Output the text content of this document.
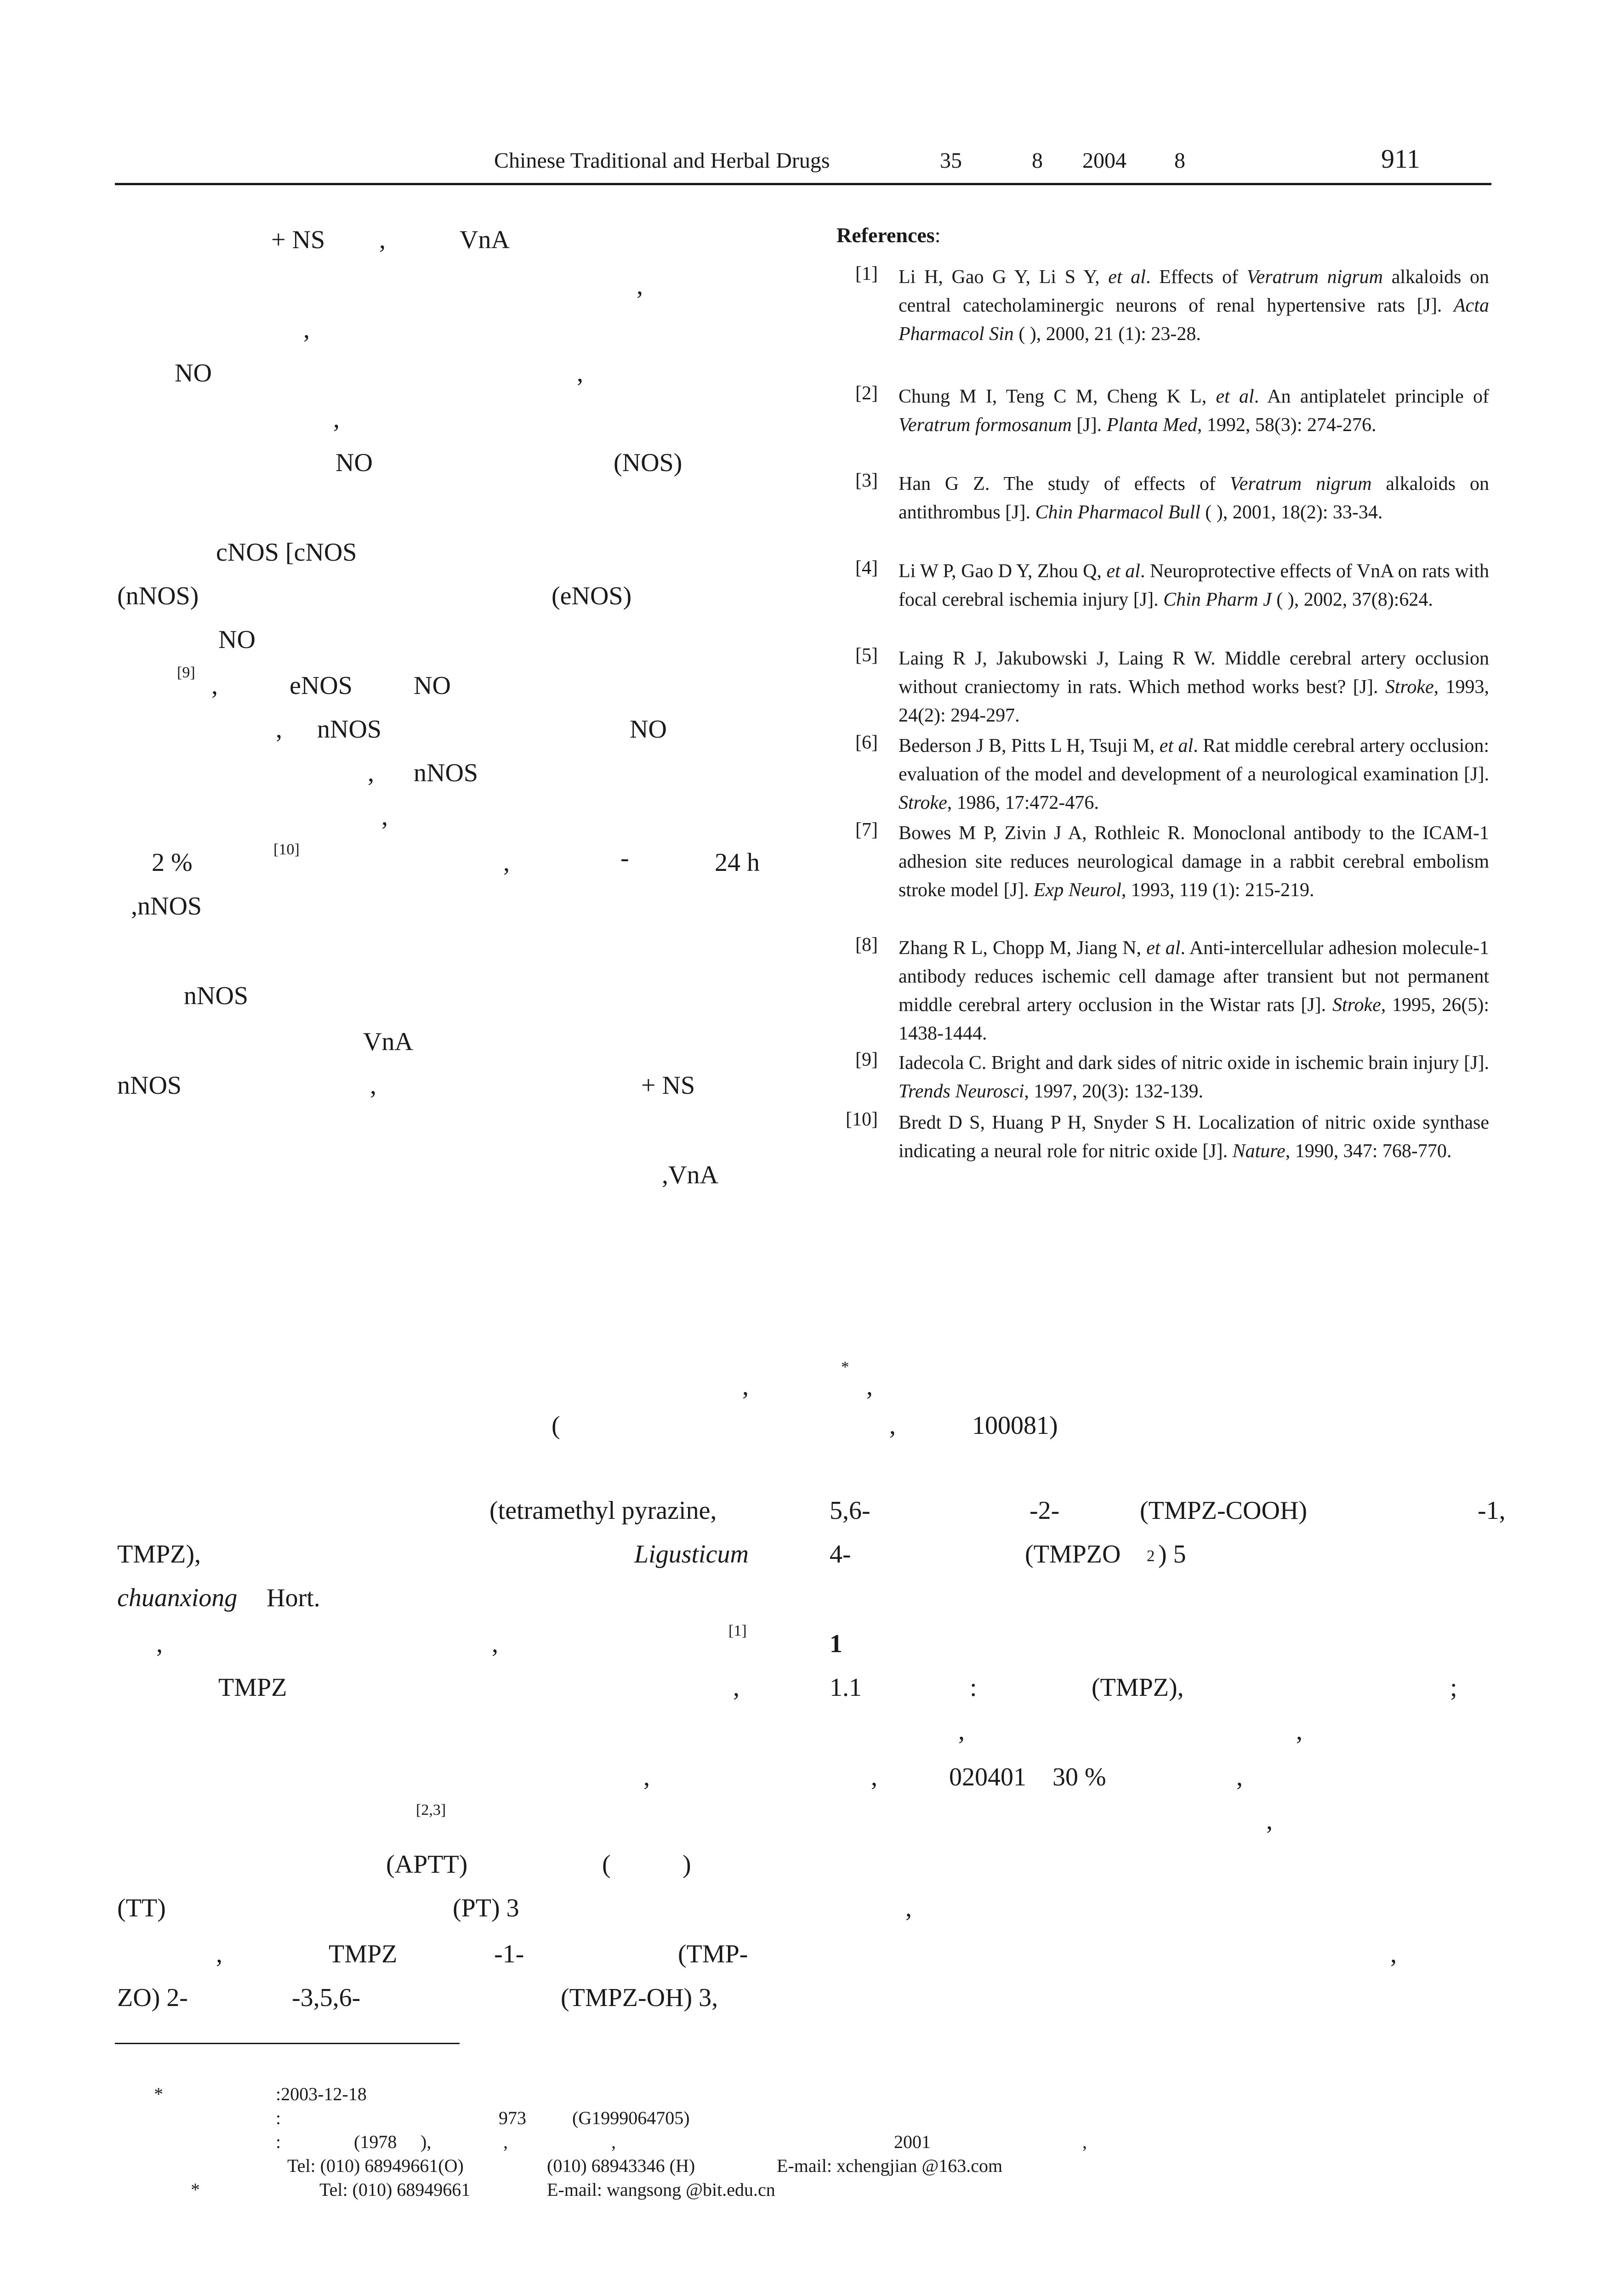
Chinese Traditional and Herbal Drugs	35	8 2004 8	911
+ NS ,	VnA
,
,
NO	,
,
NO	(NOS)
cNOS [cNOS
(nNOS)	(eNOS)
NO
,	eNOS NO
, nNOS	NO
, nNOS
,
2 %	,	-	24 h
,nNOS
nNOS
VnA
nNOS	,	+ NS
,VnA
[9]
[10]
References:
[1] Li H, Gao G Y, Li S Y, et al. Effects of Veratrum nigrum alkaloids on central catecholaminergic neurons of renal hypertensive rats [J]. Acta Pharmacol Sin ( ), 2000, 21 (1): 23-28.
[2] Chung M I, Teng C M, Cheng K L, et al. An antiplatelet principle of Veratrum formosanum [J]. Planta Med, 1992, 58(3): 274-276.
[3] Han G Z. The study of effects of Veratrum nigrum alkaloids on antithrombus [J]. Chin Pharmacol Bull ( ), 2001, 18(2): 33-34.
[4] Li W P, Gao D Y, Zhou Q, et al. Neuroprotective effects of VnA on rats with focal cerebral ischemia injury [J]. Chin Pharm J ( ), 2002, 37(8):624.
[5] Laing R J, Jakubowski J, Laing R W. Middle cerebral artery occlusion without craniectomy in rats. Which method works best? [J]. Stroke, 1993, 24(2): 294-297.
[6] Bederson J B, Pitts L H, Tsuji M, et al. Rat middle cerebral artery occlusion: evaluation of the model and development of a neurological examination [J]. Stroke, 1986, 17:472-476.
[7] Bowes M P, Zivin J A, Rothleic R. Monoclonal antibody to the ICAM-1 adhesion site reduces neurological damage in a rabbit cerebral embolism stroke model [J]. Exp Neurol, 1993, 119 (1): 215-219.
[8] Zhang R L, Chopp M, Jiang N, et al. Anti-intercellular adhesion molecule-1 antibody reduces ischemic cell damage after transient but not permanent middle cerebral artery occlusion in the Wistar rats [J]. Stroke, 1995, 26(5): 1438-1444.
[9] Iadecola C. Bright and dark sides of nitric oxide in ischemic brain injury [J]. Trends Neurosci, 1997, 20(3): 132-139.
[10] Bredt D S, Huang P H, Snyder S H. Localization of nitric oxide synthase indicating a neural role for nitric oxide [J]. Nature, 1990, 347: 768-770.
,
*
,
(	,	100081)
(tetramethyl pyrazine,
TMPZ),	Ligusticum
chuanxiong Hort.
,	,
TMPZ	,
,
(APTT)	(	)
(TT)	(PT) 3
,	TMPZ	-1-	(TMP-
ZO) 2-	-3,5,6-	(TMPZ-OH) 3,
[1]
[2,3]
5,6-	-2-	(TMPZ-COOH)	-1,
4-	(TMPZO 2 ) 5
1
1.1	:	(TMPZ),	;
,	,
,	020401 30 %	,
,
,
,
*	:2003-12-18
:	973	(G1999064705)
:	(1978 ),	,	,	2001	,
Tel: (010) 68949661(O)	(010) 68943346 (H)	E-mail: xchengjian @163.com
*	Tel: (010) 68949661	E-mail: wangsong @bit.edu.cn
